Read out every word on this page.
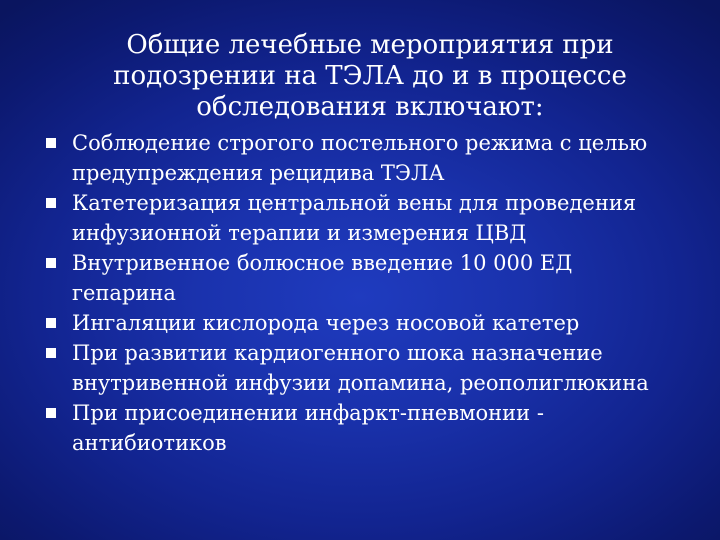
Общие лечебные мероприятия при
подозрении на ТЭЛА до и в процессе
обследования включают:
Соблюдение строгого постельного режима с целью
предупреждения рецидива ТЭЛА
Катетеризация центральной вены для проведения
инфузионной терапии и измерения ЦВД
Внутривенное болюсное введение 10 000 ЕД
гепарина
Ингаляции кислорода через носовой катетер
При развитии кардиогенного шока назначение
внутривенной инфузии допамина, реополиглюкина
При присоединении инфаркт-пневмонии -
антибиотиков
